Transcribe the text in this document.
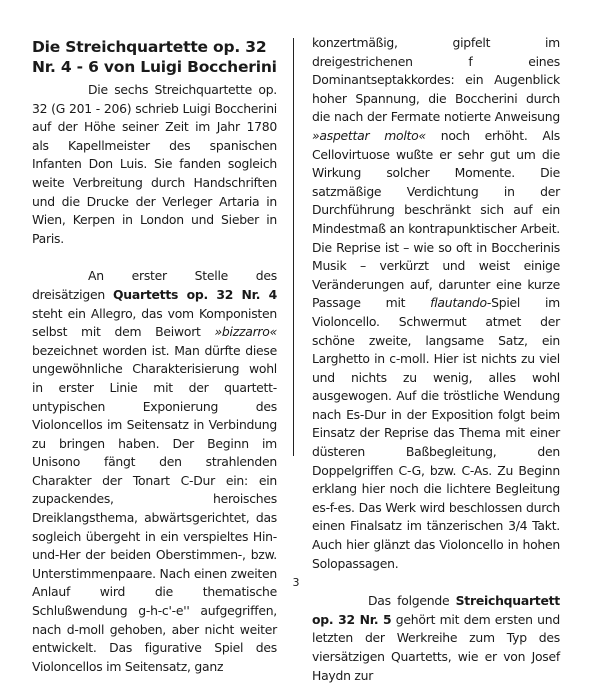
Die Streichquartette op. 32
Nr. 4 - 6 von Luigi Boccherini

Die sechs Streichquartette op. 32 (G 201 - 206) schrieb Luigi Boccherini auf der Höhe seiner Zeit im Jahr 1780 als Kapellmeister des spanischen Infanten Don Luis. Sie fanden sogleich weite Verbreitung durch Handschriften und die Drucke der Verleger Artaria in Wien, Kerpen in London und Sieber in Paris.

An erster Stelle des dreisätzigen Quartetts op. 32 Nr. 4 steht ein Allegro, das vom Komponisten selbst mit dem Beiwort »bizzarro« bezeichnet worden ist. Man dürfte diese ungewöhnliche Charakterisierung wohl in erster Linie mit der quartett-untypischen Exponierung des Violoncellos im Seitensatz in Verbindung zu bringen haben. Der Beginn im Unisono fängt den strahlenden Charakter der Tonart C-Dur ein: ein zupackendes, heroisches Dreiklangsthema, abwärtsgerichtet, das sogleich übergeht in ein verspieltes Hin-und-Her der beiden Oberstimmen-, bzw. Unterstimmenpaare. Nach einen zweiten Anlauf wird die thematische Schlußwendung g-h-c'-e'' aufgegriffen, nach d-moll gehoben, aber nicht weiter entwickelt. Das figurative Spiel des Violoncellos im Seitensatz, ganz

konzertmäßig, gipfelt im dreigestrichenen f eines Dominantseptakkordes: ein Augenblick hoher Spannung, die Boccherini durch die nach der Fermate notierte Anweisung »aspettar molto« noch erhöht. Als Cellovirtuose wußte er sehr gut um die Wirkung solcher Momente. Die satzmäßige Verdichtung in der Durchführung beschränkt sich auf ein Mindestmaß an kontrapunktischer Arbeit. Die Reprise ist – wie so oft in Boccherinis Musik – verkürzt und weist einige Veränderungen auf, darunter eine kurze Passage mit flautando-Spiel im Violoncello. Schwermut atmet der schöne zweite, langsame Satz, ein Larghetto in c-moll. Hier ist nichts zu viel und nichts zu wenig, alles wohl ausgewogen. Auf die tröstliche Wendung nach Es-Dur in der Exposition folgt beim Einsatz der Reprise das Thema mit einer düsteren Baßbegleitung, den Doppelgriffen C-G, bzw. C-As. Zu Beginn erklang hier noch die lichtere Begleitung es-f-es. Das Werk wird beschlossen durch einen Finalsatz im tänzerischen 3/4 Takt. Auch hier glänzt das Violoncello in hohen Solopassagen.

Das folgende Streichquartett op. 32 Nr. 5 gehört mit dem ersten und letzten der Werkreihe zum Typ des viersätzigen Quartetts, wie er von Josef Haydn zur

3
